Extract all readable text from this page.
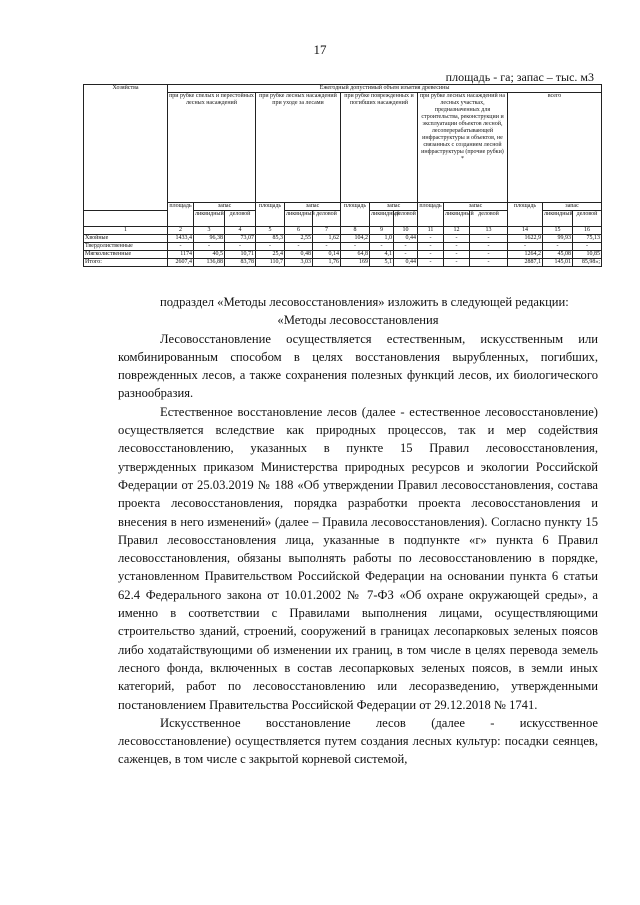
17
площадь - га; запас – тыс. м3
Хозяйства	Ежегодный допустимый объем изъятия древесины														
	при рубке спелых и перестойных лесных насаждений			при рубке лесных насаждений при уходе за лесами			при рубке поврежденных и погибших насаждений			при рубке лесных насаждений на лесных участках, предназначенных для строительства, реконструкции и эксплуатации объектов лесной, лесоперерабатывающей инфраструктуры и объектов, не связанных с созданием лесной инфраструктуры (прочие рубки) *			всего		
	площадь	запас		площадь	запас		площадь	запас		площадь	запас		площадь	запас	
		ликвидный	деловой		ликвидный	деловой		ликвидный	деловой		ликвидный	деловой		ликвидный	деловой
1	2	3	4	5	6	7	8	9	10	11	12	13	14	15	16
Хвойные	1433,4	96,38	73,07	85,3	2,55	1,62	104,2	1,0	0,44	-	-	-	1622,9	99,93	75,13
Твердолиственные	-	-	-	-	-	-	-	-	-	-	-	-	-	-	-
Мягколиственные	1174	40,5	10,71	25,4	0,48	0,14	64,8	4,1	-	-	-	-	1264,2	45,08	10,85
Итого:	2607,4	136,88	83,78	110,7	3,03	1,76	169	5,1	0,44	-	-	-	2887,1	145,01	85,98»;

подраздел «Методы лесовосстановления» изложить в следующей редакции:

«Методы лесовосстановления

Лесовосстановление осуществляется естественным, искусственным или комбинированным способом в целях восстановления вырубленных, погибших, поврежденных лесов, а также сохранения полезных функций лесов, их биологического разнообразия.

Естественное восстановление лесов (далее - естественное лесовосстановление) осуществляется вследствие как природных процессов, так и мер содействия лесовосстановлению, указанных в пункте 15 Правил лесовосстановления, утвержденных приказом Министерства природных ресурсов и экологии Российской Федерации от 25.03.2019 № 188 «Об утверждении Правил лесовосстановления, состава проекта лесовосстановления, порядка разработки проекта лесовосстановления и внесения в него изменений» (далее – Правила лесовосстановления). Согласно пункту 15 Правил лесовосстановления лица, указанные в подпункте «г» пункта 6 Правил лесовосстановления, обязаны выполнять работы по лесовосстановлению в порядке, установленном Правительством Российской Федерации на основании пункта 6 статьи 62.4 Федерального закона от 10.01.2002 № 7-ФЗ «Об охране окружающей среды», а именно в соответствии с Правилами выполнения лицами, осуществляющими строительство зданий, строений, сооружений в границах лесопарковых зеленых поясов либо ходатайствующими об изменении их границ, в том числе в целях перевода земель лесного фонда, включенных в состав лесопарковых зеленых поясов, в земли иных категорий, работ по лесовосстановлению или лесоразведению, утвержденными постановлением Правительства Российской Федерации от 29.12.2018 № 1741.

Искусственное восстановление лесов (далее - искусственное лесовосстановление) осуществляется путем создания лесных культур: посадки сеянцев, саженцев, в том числе с закрытой корневой системой,
